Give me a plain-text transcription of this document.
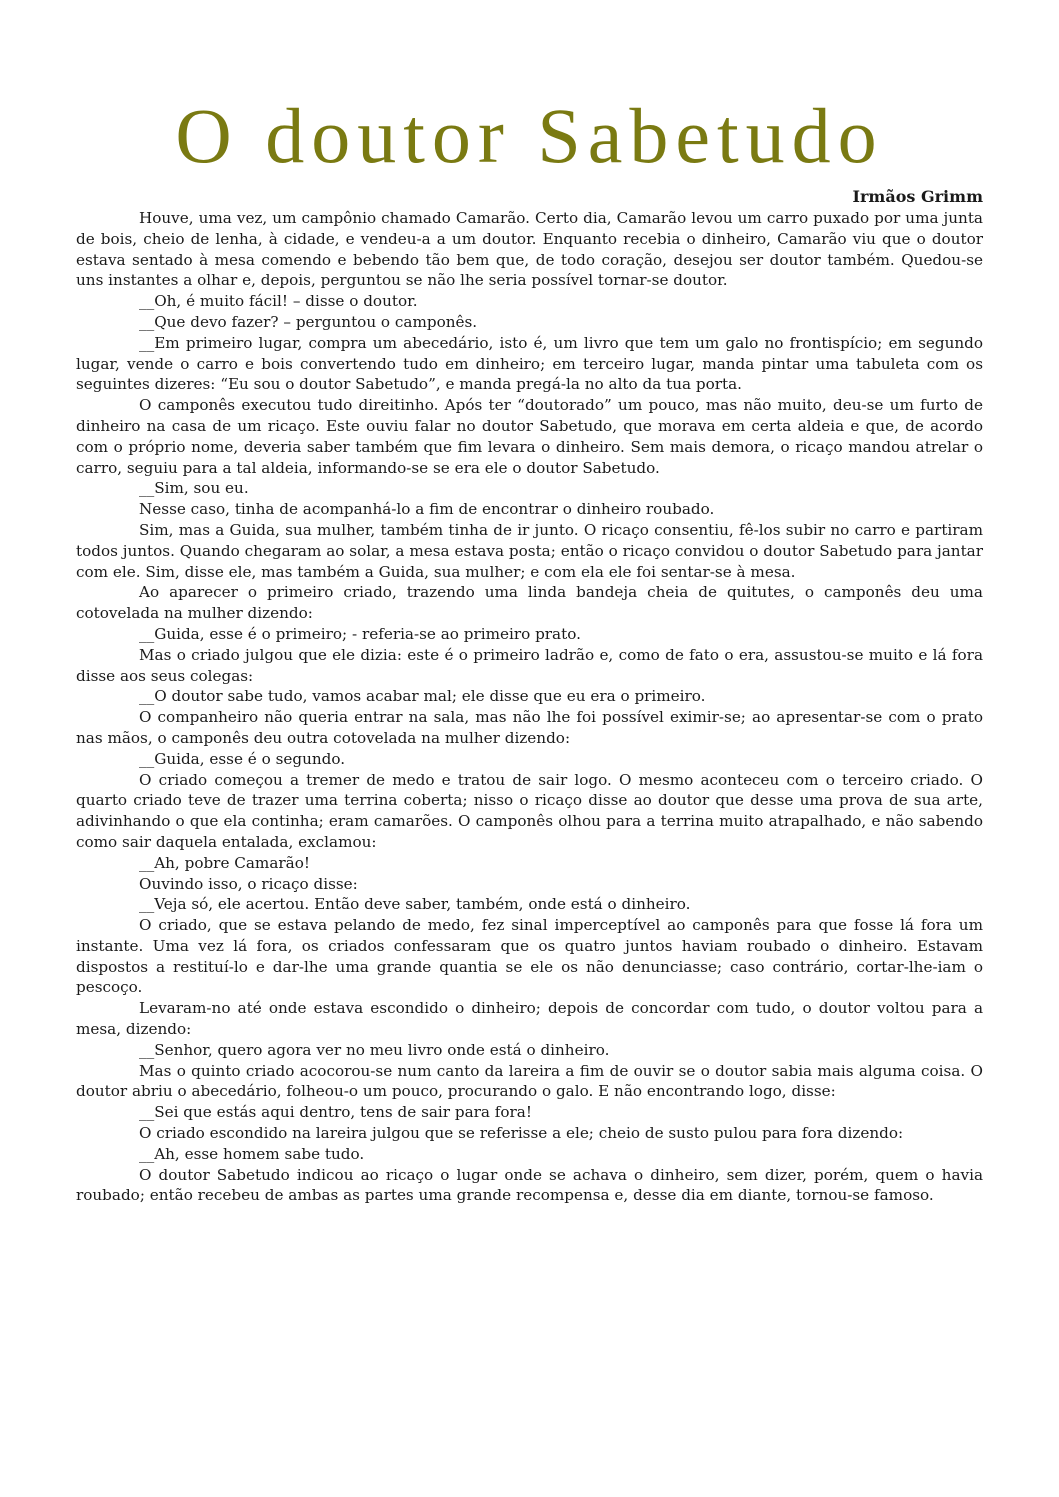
O doutor Sabetudo
Irmãos Grimm

Houve, uma vez, um campônio chamado Camarão. Certo dia, Camarão levou um carro puxado por uma junta de bois, cheio de lenha, à cidade, e vendeu-a a um doutor. Enquanto recebia o dinheiro, Camarão viu que o doutor estava sentado à mesa comendo e bebendo tão bem que, de todo coração, desejou ser doutor também. Quedou-se uns instantes a olhar e, depois, perguntou se não lhe seria possível tornar-se doutor.

__Oh, é muito fácil! – disse o doutor.

__Que devo fazer? – perguntou o camponês.

__Em primeiro lugar, compra um abecedário, isto é, um livro que tem um galo no frontispício; em segundo lugar, vende o carro e bois convertendo tudo em dinheiro; em terceiro lugar, manda pintar uma tabuleta com os seguintes dizeres: “Eu sou o doutor Sabetudo”, e manda pregá-la no alto da tua porta.

O camponês executou tudo direitinho. Após ter “doutorado” um pouco, mas não muito, deu-se um furto de dinheiro na casa de um ricaço. Este ouviu falar no doutor Sabetudo, que morava em certa aldeia e que, de acordo com o próprio nome, deveria saber também que fim levara o dinheiro. Sem mais demora, o ricaço mandou atrelar o carro, seguiu para a tal aldeia, informando-se se era ele o doutor Sabetudo.

__Sim, sou eu.

Nesse caso, tinha de acompanhá-lo a fim de encontrar o dinheiro roubado.

Sim, mas a Guida, sua mulher, também tinha de ir junto. O ricaço consentiu, fê-los subir no carro e partiram todos juntos. Quando chegaram ao solar, a mesa estava posta; então o ricaço convidou o doutor Sabetudo para jantar com ele. Sim, disse ele, mas também a Guida, sua mulher; e com ela ele foi sentar-se à mesa.

Ao aparecer o primeiro criado, trazendo uma linda bandeja cheia de quitutes, o camponês deu uma cotovelada na mulher dizendo:

__Guida, esse é o primeiro; - referia-se ao primeiro prato.

Mas o criado julgou que ele dizia: este é o primeiro ladrão e, como de fato o era, assustou-se muito e lá fora disse aos seus colegas:

__O doutor sabe tudo, vamos acabar mal; ele disse que eu era o primeiro.

O companheiro não queria entrar na sala, mas não lhe foi possível eximir-se; ao apresentar-se com o prato nas mãos, o camponês deu outra cotovelada na mulher dizendo:

__Guida, esse é o segundo.

O criado começou a tremer de medo e tratou de sair logo. O mesmo aconteceu com o terceiro criado. O quarto criado teve de trazer uma terrina coberta; nisso o ricaço disse ao doutor que desse uma prova de sua arte, adivinhando o que ela continha; eram camarões. O camponês olhou para a terrina muito atrapalhado, e não sabendo como sair daquela entalada, exclamou:

__Ah, pobre Camarão!

Ouvindo isso, o ricaço disse:

__Veja só, ele acertou. Então deve saber, também, onde está o dinheiro.

O criado, que se estava pelando de medo, fez sinal imperceptível ao camponês para que fosse lá fora um instante. Uma vez lá fora, os criados confessaram que os quatro juntos haviam roubado o dinheiro. Estavam dispostos a restituí-lo e dar-lhe uma grande quantia se ele os não denunciasse; caso contrário, cortar-lhe-iam o pescoço.

Levaram-no até onde estava escondido o dinheiro; depois de concordar com tudo, o doutor voltou para a mesa, dizendo:

__Senhor, quero agora ver no meu livro onde está o dinheiro.

Mas o quinto criado acocorou-se num canto da lareira a fim de ouvir se o doutor sabia mais alguma coisa. O doutor abriu o abecedário, folheou-o um pouco, procurando o galo. E não encontrando logo, disse:

__Sei que estás aqui dentro, tens de sair para fora!

O criado escondido na lareira julgou que se referisse a ele; cheio de susto pulou para fora dizendo:

__Ah, esse homem sabe tudo.

O doutor Sabetudo indicou ao ricaço o lugar onde se achava o dinheiro, sem dizer, porém, quem o havia roubado; então recebeu de ambas as partes uma grande recompensa e, desse dia em diante, tornou-se famoso.
